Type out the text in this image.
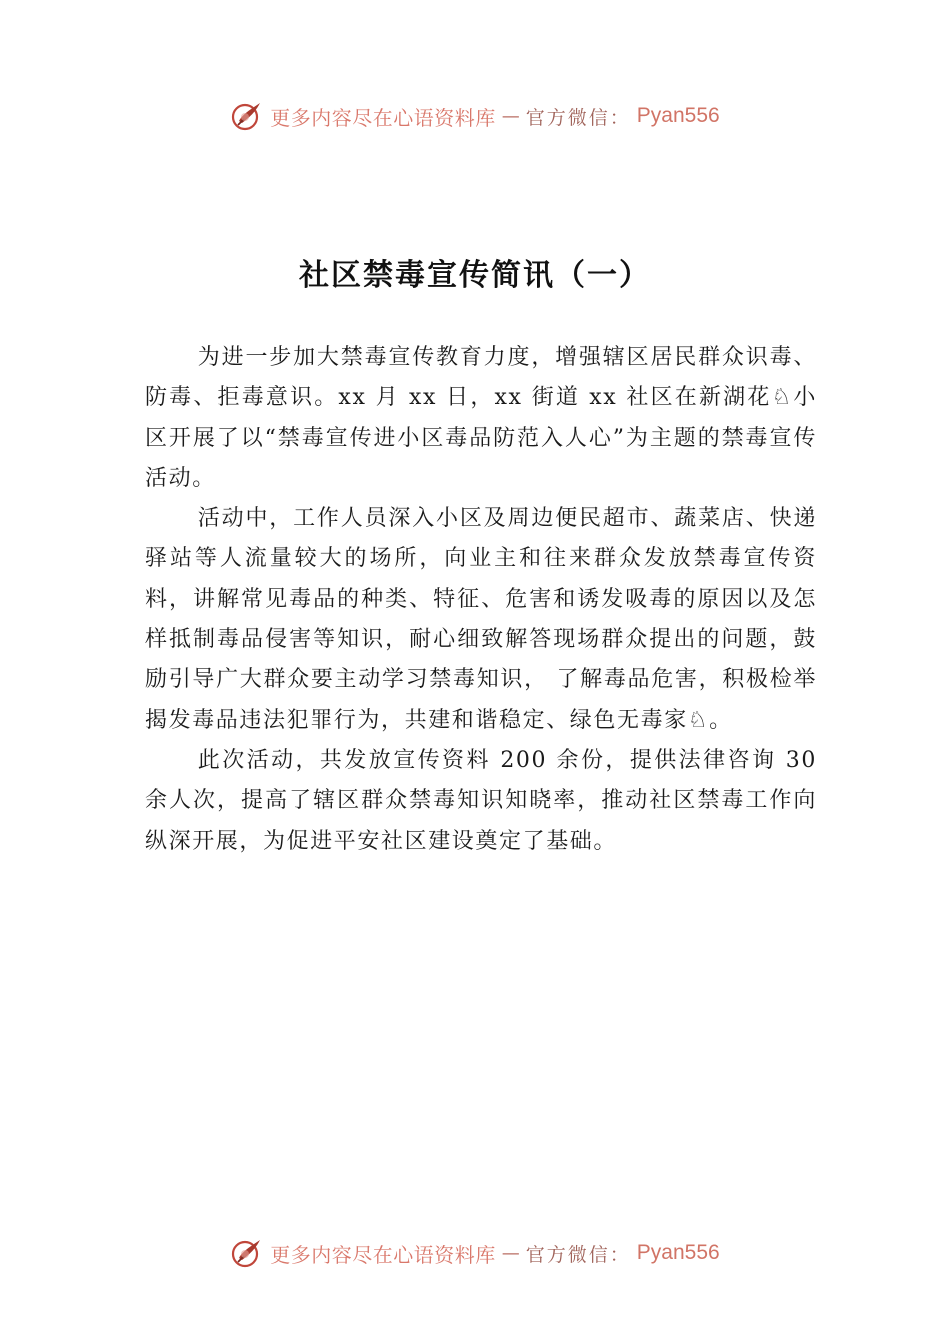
更多内容尽在心语资料库 — 官方微信： Pyan556
社区禁毒宣传简讯（一）

为进一步加大禁毒宣传教育力度，增强辖区居民群众识毒、防毒、拒毒意识。xx 月 xx 日，xx 街道 xx 社区在新湖花♘小区开展了以“禁毒宣传进小区毒品防范入人心”为主题的禁毒宣传活动。

活动中，工作人员深入小区及周边便民超市、蔬菜店、快递驿站等人流量较大的场所，向业主和往来群众发放禁毒宣传资料，讲解常见毒品的种类、特征、危害和诱发吸毒的原因以及怎样抵制毒品侵害等知识，耐心细致解答现场群众提出的问题，鼓励引导广大群众要主动学习禁毒知识， 了解毒品危害，积极检举揭发毒品违法犯罪行为，共建和谐稳定、绿色无毒家♘。

此次活动，共发放宣传资料 200 余份，提供法律咨询 30 余人次，提高了辖区群众禁毒知识知晓率，推动社区禁毒工作向纵深开展，为促进平安社区建设奠定了基础。

更多内容尽在心语资料库 — 官方微信： Pyan556
